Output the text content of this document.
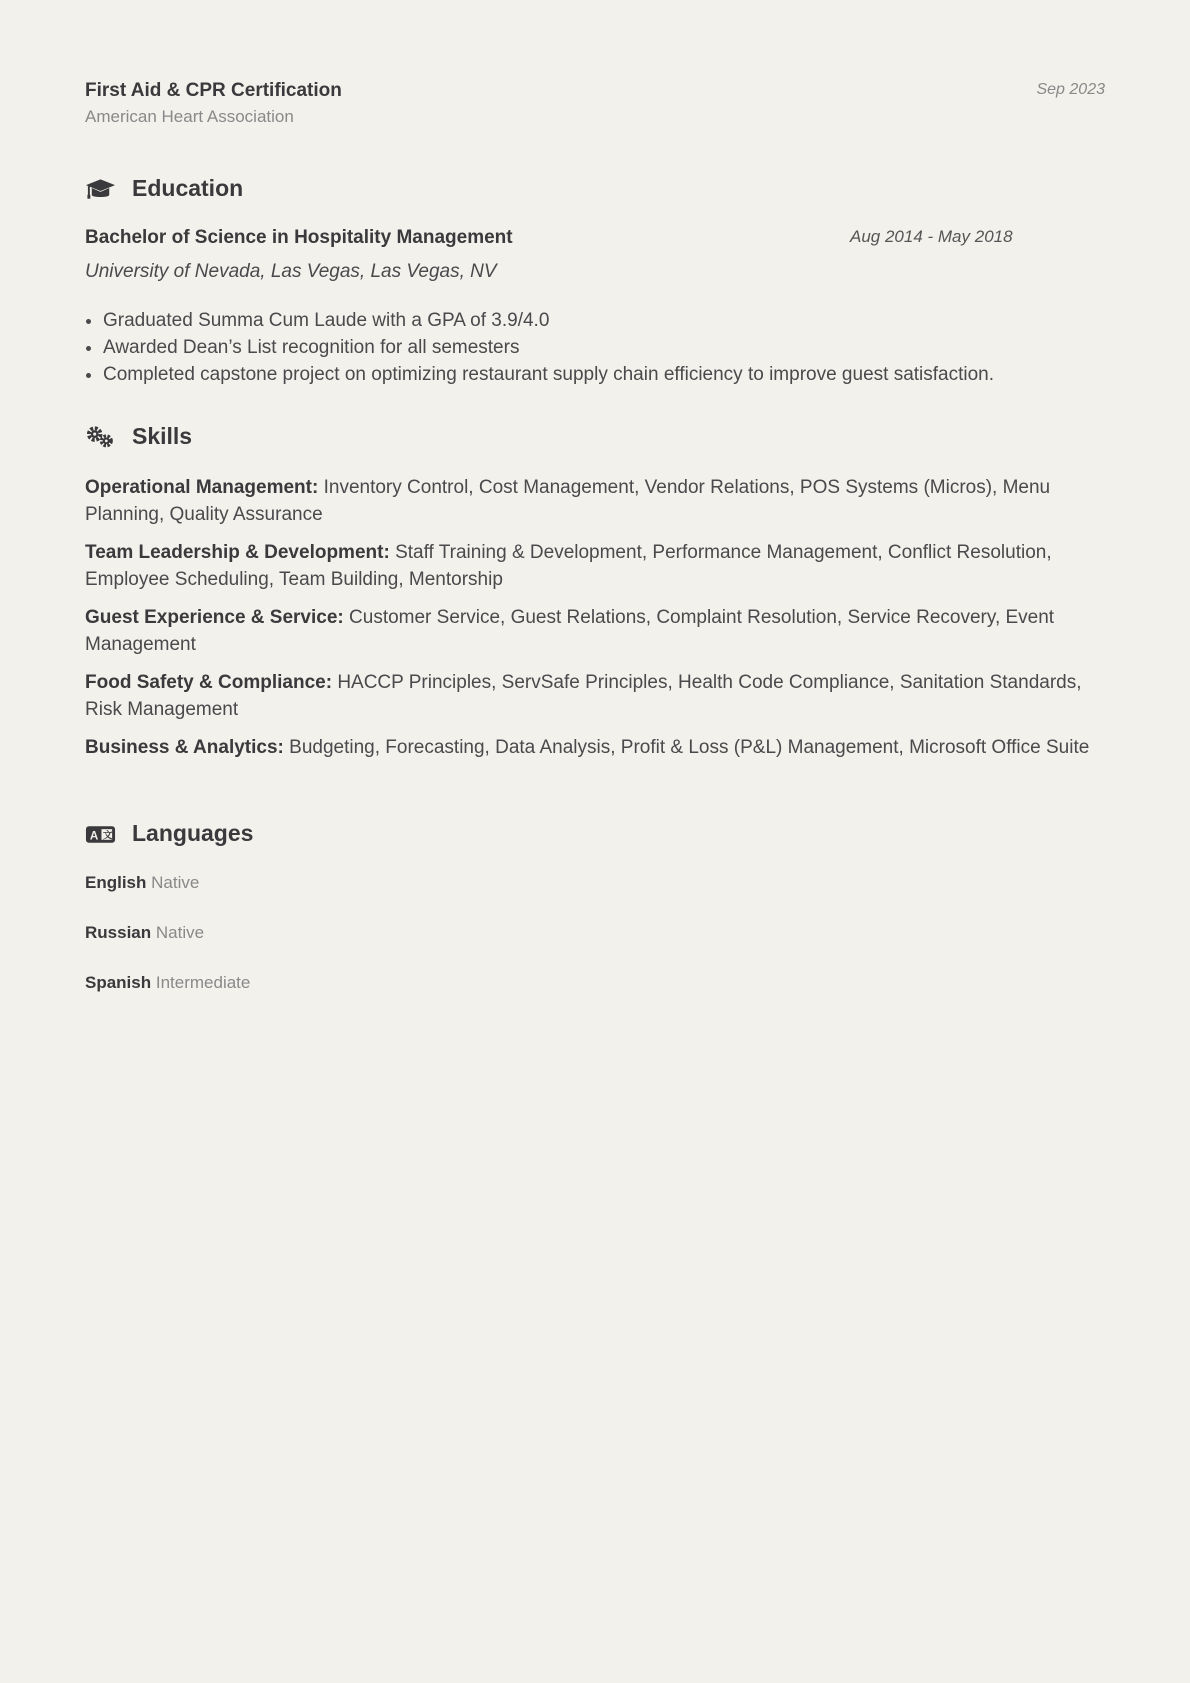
First Aid & CPR Certification
American Heart Association
Sep 2023
Education
Bachelor of Science in Hospitality Management	Aug 2014 - May 2018
University of Nevada, Las Vegas, Las Vegas, NV
• Graduated Summa Cum Laude with a GPA of 3.9/4.0
• Awarded Dean’s List recognition for all semesters
• Completed capstone project on optimizing restaurant supply chain efficiency to improve guest satisfaction.
Skills
Operational Management: Inventory Control, Cost Management, Vendor Relations, POS Systems (Micros), Menu Planning, Quality Assurance
Team Leadership & Development: Staff Training & Development, Performance Management, Conflict Resolution, Employee Scheduling, Team Building, Mentorship
Guest Experience & Service: Customer Service, Guest Relations, Complaint Resolution, Service Recovery, Event Management
Food Safety & Compliance: HACCP Principles, ServSafe Principles, Health Code Compliance, Sanitation Standards, Risk Management
Business & Analytics: Budgeting, Forecasting, Data Analysis, Profit & Loss (P&L) Management, Microsoft Office Suite
A 文 Languages
English Native
Russian Native
Spanish Intermediate
